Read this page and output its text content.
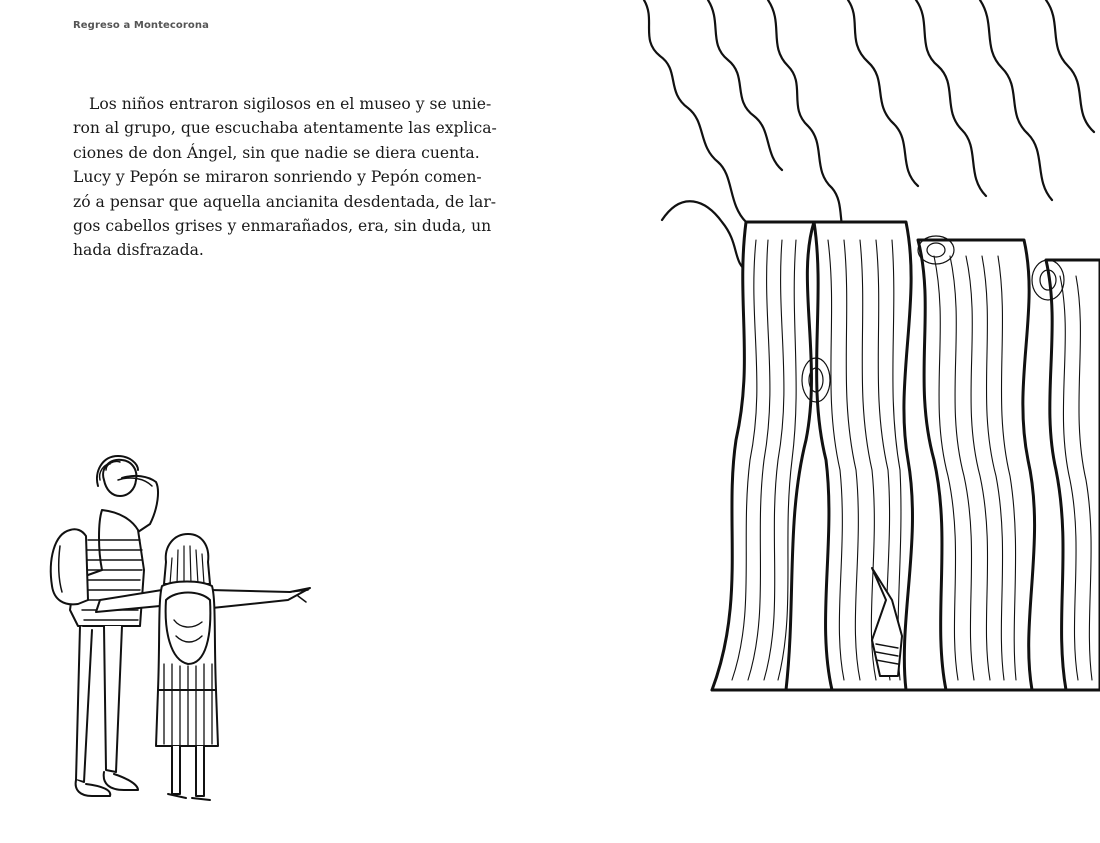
Regreso a Montecorona
Los niños entraron sigilosos en el museo y se unie-
ron al grupo, que escuchaba atentamente las explica-
ciones de don Ángel, sin que nadie se diera cuenta.
Lucy y Pepón se miraron sonriendo y Pepón comen-
zó a pensar que aquella ancianita desdentada, de lar-
gos cabellos grises y enmarañados, era, sin duda, un
hada disfrazada.
